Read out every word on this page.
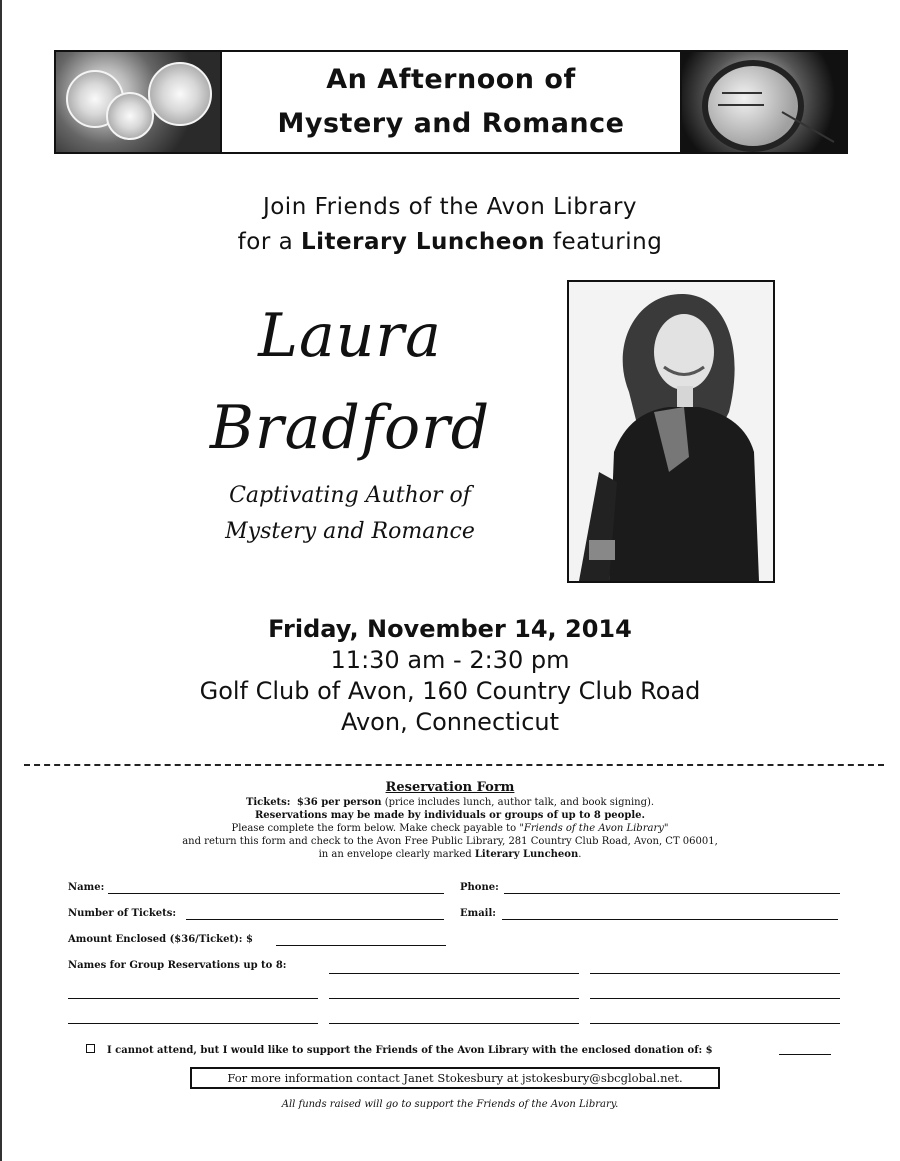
An Afternoon of
Mystery and Romance
Join Friends of the Avon Library
for a Literary Luncheon featuring
Laura
Bradford
Captivating Author of
Mystery and Romance
Friday, November 14, 2014
11:30 am - 2:30 pm
Golf Club of Avon, 160 Country Club Road
Avon, Connecticut
Reservation Form
Tickets: $36 per person (price includes lunch, author talk, and book signing).
Reservations may be made by individuals or groups of up to 8 people.
Please complete the form below. Make check payable to "Friends of the Avon Library"
and return this form and check to the Avon Free Public Library, 281 Country Club Road, Avon, CT 06001,
in an envelope clearly marked Literary Luncheon.
Name:	Phone:
Number of Tickets:	Email:
Amount Enclosed ($36/Ticket): $
Names for Group Reservations up to 8:
I cannot attend, but I would like to support the Friends of the Avon Library with the enclosed donation of: $
For more information contact Janet Stokesbury at jstokesbury@sbcglobal.net.
All funds raised will go to support the Friends of the Avon Library.
